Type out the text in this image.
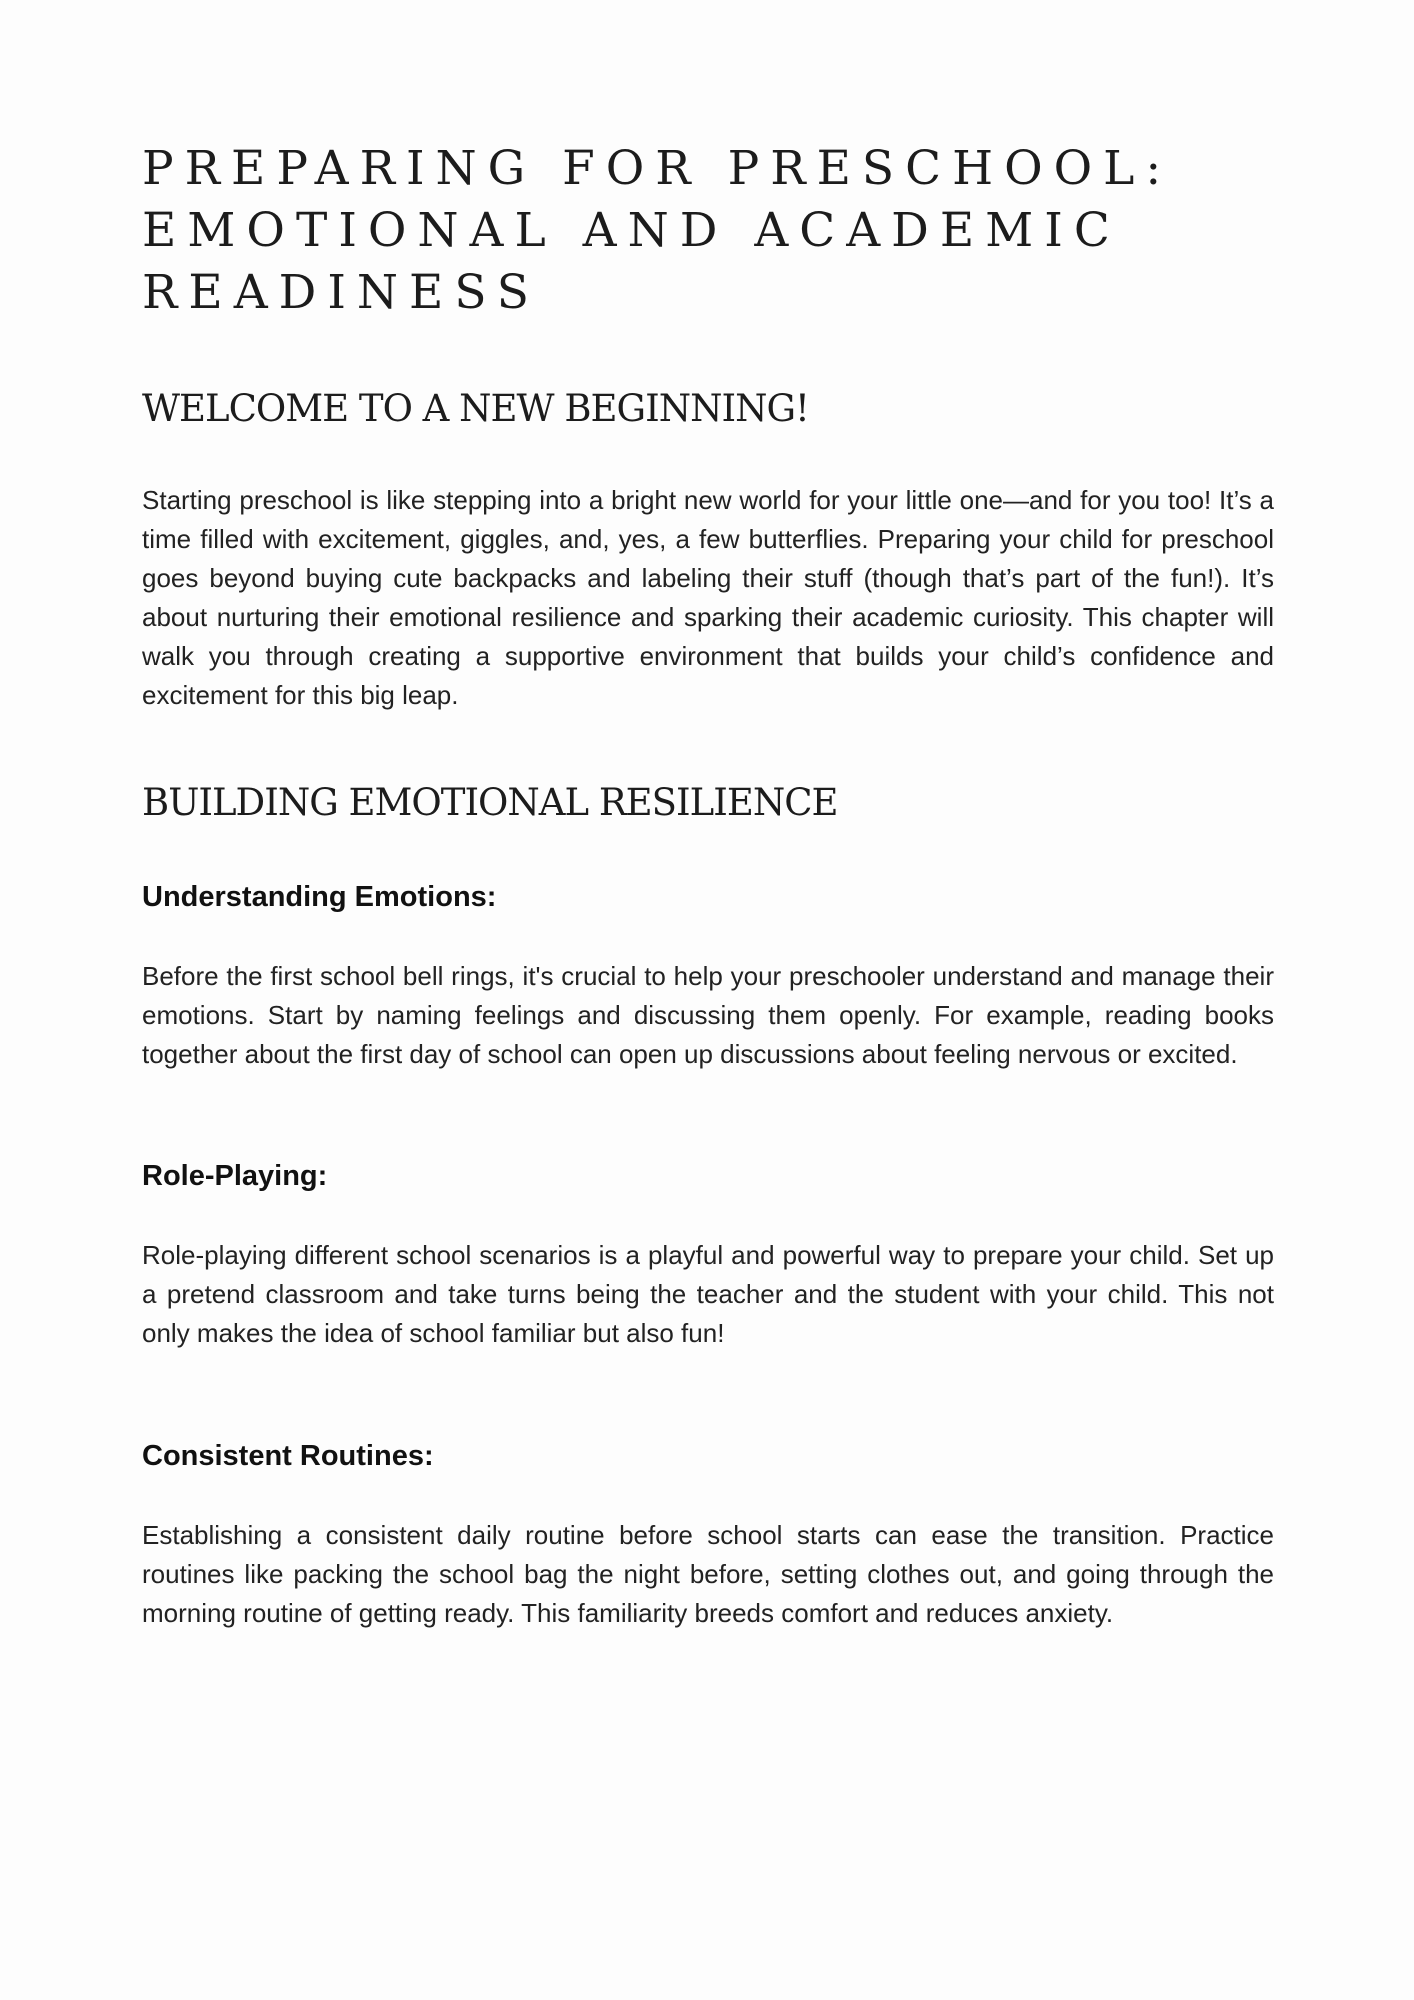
PREPARING FOR PRESCHOOL: EMOTIONAL AND ACADEMIC READINESS
WELCOME TO A NEW BEGINNING!

Starting preschool is like stepping into a bright new world for your little one—and for you too! It’s a time filled with excitement, giggles, and, yes, a few butterflies. Preparing your child for preschool goes beyond buying cute backpacks and labeling their stuff (though that’s part of the fun!). It’s about nurturing their emotional resilience and sparking their academic curiosity. This chapter will walk you through creating a supportive environment that builds your child’s confidence and excitement for this big leap.

BUILDING EMOTIONAL RESILIENCE
Understanding Emotions:

Before the first school bell rings, it's crucial to help your preschooler understand and manage their emotions. Start by naming feelings and discussing them openly. For example, reading books together about the first day of school can open up discussions about feeling nervous or excited.

Role-Playing:

Role-playing different school scenarios is a playful and powerful way to prepare your child. Set up a pretend classroom and take turns being the teacher and the student with your child. This not only makes the idea of school familiar but also fun!

Consistent Routines:

Establishing a consistent daily routine before school starts can ease the transition. Practice routines like packing the school bag the night before, setting clothes out, and going through the morning routine of getting ready. This familiarity breeds comfort and reduces anxiety.
